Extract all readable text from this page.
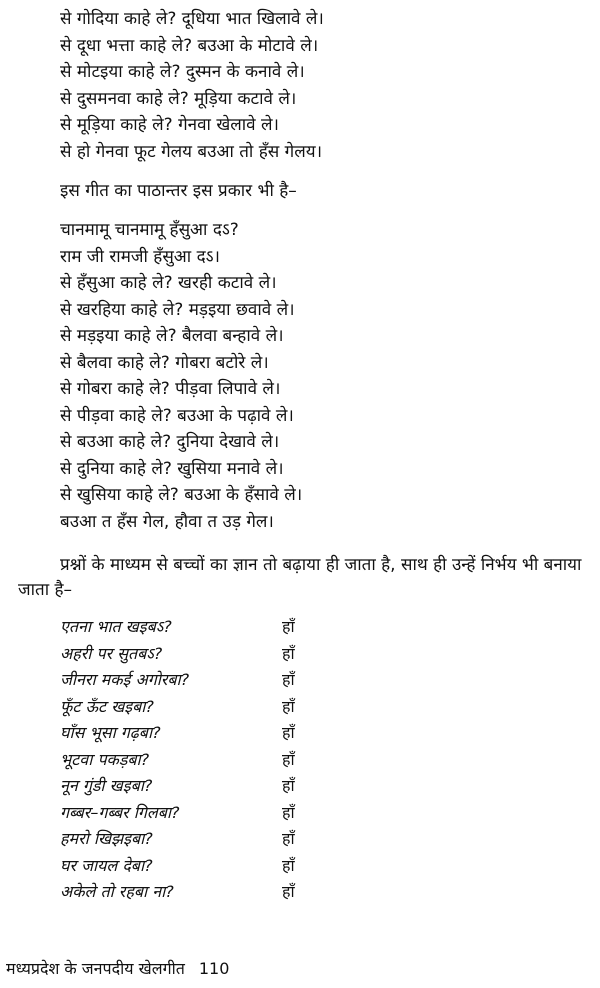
से गोदिया काहे ले? दूधिया भात खिलावे ले।
से दूधा भत्ता काहे ले? बउआ के मोटावे ले।
से मोटइया काहे ले? दुस्मन के कनावे ले।
से दुसमनवा काहे ले? मूड़िया कटावे ले।
से मूड़िया काहे ले? गेनवा खेलावे ले।
से हो गेनवा फूट गेलय बउआ तो हँस गेलय।
इस गीत का पाठान्तर इस प्रकार भी है–
चानमामू चानमामू हँसुआ दऽ?
राम जी रामजी हँसुआ दऽ।
से हँसुआ काहे ले? खरही कटावे ले।
से खरहिया काहे ले? मड़इया छवावे ले।
से मड़इया काहे ले? बैलवा बन्हावे ले।
से बैलवा काहे ले? गोबरा बटोरे ले।
से गोबरा काहे ले? पीड़वा लिपावे ले।
से पीड़वा काहे ले? बउआ के पढ़ावे ले।
से बउआ काहे ले? दुनिया देखावे ले।
से दुनिया काहे ले? खुसिया मनावे ले।
से खुसिया काहे ले? बउआ के हँसावे ले।
बउआ त हँस गेल, हौवा त उड़ गेल।
प्रश्नों के माध्यम से बच्चों का ज्ञान तो बढ़ाया ही जाता है, साथ ही उन्हें निर्भय भी बनाया
जाता है–
एतना भात खइबऽ?	हाँ
अहरी पर सुतबऽ?	हाँ
जीनरा मकई अगोरबा?	हाँ
फूँट ऊँट खइबा?	हाँ
घाँस भूसा गढ़बा?	हाँ
भूटवा पकड़बा?	हाँ
नून गुंडी खइबा?	हाँ
गब्बर–गब्बर गिलबा?	हाँ
हमरो खिझइबा?	हाँ
घर जायल देबा?	हाँ
अकेले तो रहबा ना?	हाँ
मध्यप्रदेश के जनपदीय खेलगीत 110
